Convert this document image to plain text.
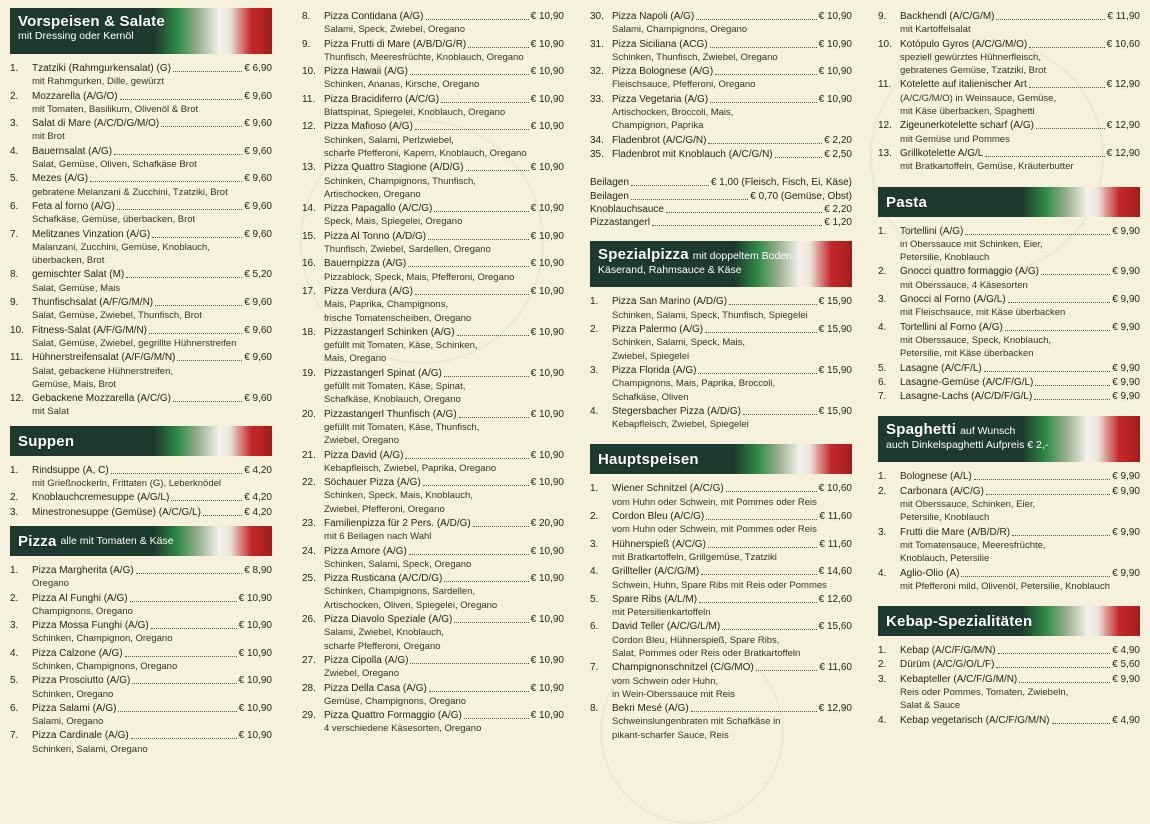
Vorspeisen & Salate
mit Dressing oder Kernöl
1.	Tzatziki (Rahmgurkensalat) (G)	€ 6,90
mit Rahmgurken, Dille, gewürzt
2.	Mozzarella (A/G/O)	€ 9,60
mit Tomaten, Basilikum, Olivenöl & Brot
3.	Salat di Mare (A/C/D/G/M/O)	€ 9,60
mit Brot
4.	Bauernsalat (A/G)	€ 9,60
Salat, Gemüse, Oliven, Schafkäse Brot
5.	Mezes (A/G)	€ 9,60
gebratene Melanzani & Zucchini, Tzatziki, Brot
6.	Feta al forno (A/G)	€ 9,60
Schafkäse, Gemüse, überbacken, Brot
7.	Melitzanes Vinzation (A/G)	€ 9,60
Malanzani, Zucchini, Gemüse, Knoblauch,
überbacken, Brot
8.	gemischter Salat (M)	€ 5,20
Salat, Gemüse, Mais
9.	Thunfischsalat (A/F/G/M/N)	€ 9,60
Salat, Gemüse, Zwiebel, Thunfisch, Brot
10. Fitness-Salat (A/F/G/M/N)	€ 9,60
Salat, Gemüse, Zwiebel, gegrillte Hühnerstreifen
11. Hühnerstreifensalat (A/F/G/M/N)	€ 9,60
Salat, gebackene Hühnerstreifen,
Gemüse, Mais, Brot
12. Gebackene Mozzarella (A/C/G)	€ 9,60
mit Salat
Suppen
1.	Rindsuppe (A, C)	€ 4,20
mit Grießnockerln, Frittaten (G), Leberknödel
2.	Knoblauchcremesuppe (A/G/L)	€ 4,20
3.	Minestronesuppe (Gemüse) (A/C/G/L)	€ 4,20
Pizza alle mit Tomaten & Käse
1.	Pizza Margherita (A/G)	€ 8,90
Oregano
2.	Pizza Al Funghi (A/G)	€ 10,90
Champignons, Oregano
3.	Pizza Mossa Funghi (A/G)	€ 10,90
Schinken, Champignon, Oregano
4.	Pizza Calzone (A/G)	€ 10,90
Schinken, Champignons, Oregano
5.	Pizza Prosciutto (A/G)	€ 10,90
Schinken, Oregano
6.	Pizza Salami (A/G)	€ 10,90
Salami, Oregano
7.	Pizza Cardinale (A/G)	€ 10,90
Schinken, Salami, Oregano
8.	Pizza Contidana (A/G)	€ 10,90
Salami, Speck, Zwiebel, Oregano
9.	Pizza Frutti di Mare (A/B/D/G/R)	€ 10,90
Thunfisch, Meeresfrüchte, Knoblauch, Oregano
10. Pizza Hawaii (A/G)	€ 10,90
Schinken, Ananas, Kirsche, Oregano
11. Pizza Bracidiferro (A/C/G)	€ 10,90
Blattspinat, Spiegelei, Knoblauch, Oregano
12. Pizza Mafioso (A/G)	€ 10,90
Schinken, Salami, Perlzwiebel,
scharfe Pfefferoni, Kapern, Knoblauch, Oregano
13. Pizza Quattro Stagione (A/D/G)	€ 10,90
Schinken, Champignons, Thunfisch,
Artischocken, Oregano
14. Pizza Papagallo (A/C/G)	€ 10,90
Speck, Mais, Spiegelei, Oregano
15. Pizza Al Tonno (A/D/G)	€ 10,90
Thunfisch, Zwiebel, Sardellen, Oregano
16. Bauernpizza (A/G)	€ 10,90
Pizzablock, Speck, Mais, Pfefferoni, Oregano
17. Pizza Verdura (A/G)	€ 10,90
Mais, Paprika, Champignons,
frische Tomatenscheiben, Oregano
18. Pizzastangerl Schinken (A/G)	€ 10,90
gefüllt mit Tomaten, Käse, Schinken,
Mais, Oregano
19. Pizzastangerl Spinat (A/G)	€ 10,90
gefüllt mit Tomaten, Käse, Spinat,
Schafkäse, Knoblauch, Oregano
20. Pizzastangerl Thunfisch (A/G)	€ 10,90
gefüllt mit Tomaten, Käse, Thunfisch,
Zwiebel, Oregano
21. Pizza David (A/G)	€ 10,90
Kebapfleisch, Zwiebel, Paprika, Oregano
22. Söchauer Pizza (A/G)	€ 10,90
Schinken, Speck, Mais, Knoblauch,
Zwiebel, Pfefferoni, Oregano
23. Familienpizza für 2 Pers. (A/D/G)	€ 20,90
mit 6 Beilagen nach Wahl
24. Pizza Amore (A/G)	€ 10,90
Schinken, Salami, Speck, Oregano
25. Pizza Rusticana (A/C/D/G)	€ 10,90
Schinken, Champignons, Sardellen,
Artischocken, Oliven, Spiegelei, Oregano
26. Pizza Diavolo Speziale (A/G)	€ 10,90
Salami, Zwiebel, Knoblauch,
scharfe Pfefferoni, Oregano
27. Pizza Cipolla (A/G)	€ 10,90
Zwiebel, Oregano
28. Pizza Della Casa (A/G)	€ 10,90
Gemüse, Champignons, Oregano
29. Pizza Quattro Formaggio (A/G)	€ 10,90
4 verschiedene Käsesorten, Oregano
30. Pizza Napoli (A/G)	€ 10,90
Salami, Champignons, Oregano
31. Pizza Siciliana (ACG)	€ 10,90
Schinken, Thunfisch, Zwiebel, Oregano
32. Pizza Bolognese (A/G)	€ 10,90
Fleischsauce, Pfefferoni, Oregano
33. Pizza Vegetaria (A/G)	€ 10,90
Artischocken, Broccoli, Mais,
Champignon, Paprika
34. Fladenbrot (A/C/G/N)	€ 2,20
35. Fladenbrot mit Knoblauch (A/C/G/N)	€ 2,50
Beilagen	€ 1,00 (Fleisch, Fisch, Ei, Käse)
Beilagen	€ 0,70 (Gemüse, Obst)
Knoblauchsauce	€ 2,20
Pizzastangerl	€ 1,20
Spezialpizza mit doppeltem Boden,
Käserand, Rahmsauce & Käse
1.	Pizza San Marino (A/D/G)	€ 15,90
Schinken, Salami, Speck, Thunfisch, Spiegelei
2.	Pizza Palermo (A/G)	€ 15,90
Schinken, Salami, Speck, Mais,
Zwiebel, Spiegelei
3.	Pizza Florida (A/G)	€ 15,90
Champignons, Mais, Paprika, Broccoli,
Schafkäse, Oliven
4.	Stegersbacher Pizza (A/D/G)	€ 15,90
Kebapfleisch, Zwiebel, Spiegelei
Hauptspeisen
1.	Wiener Schnitzel (A/C/G)	€ 10,60
vom Huhn oder Schwein, mit Pommes oder Reis
2.	Cordon Bleu (A/C/G)	€ 11,60
vom Huhn oder Schwein, mit Pommes oder Reis
3.	Hühnerspieß (A/C/G)	€ 11,60
mit Bratkartoffeln, Grillgemüse, Tzatziki
4.	Grillteller (A/C/G/M)	€ 14,60
Schwein, Huhn, Spare Ribs mit Reis oder Pommes
5.	Spare Ribs (A/L/M)	€ 12,60
mit Petersilienkartoffeln
6.	David Teller (A/C/G/L/M)	€ 15,60
Cordon Bleu, Hühnerspieß, Spare Ribs,
Salat, Pommes oder Reis oder Bratkartoffeln
7.	Champignonschnitzel (C/G/MO)	€ 11,60
vom Schwein oder Huhn,
in Wein-Oberssauce mit Reis
8.	Bekri Mesé (A/G)	€ 12,90
Schweinslungenbraten mit Schafkäse in
pikant-scharfer Sauce, Reis
9.	Backhendl (A/C/G/M)	€ 11,90
mit Kartoffelsalat
10. Kotópulo Gyros (A/C/G/M/O)	€ 10,60
speziell gewürztes Hühnerfleisch,
gebratenes Gemüse, Tzatziki, Brot
11. Kotelette auf italienischer Art	€ 12,90
(A/C/G/M/O) in Weinsauce, Gemüse,
mit Käse überbacken, Spaghetti
12. Zigeunerkotelette scharf (A/G)	€ 12,90
mit Gemüse und Pommes
13. Grillkotelette A/G/L	€ 12,90
mit Bratkartoffeln, Gemüse, Kräuterbutter
Pasta
1.	Tortellini (A/G)	€ 9,90
in Oberssauce mit Schinken, Eier,
Petersilie, Knoblauch
2.	Gnocci quattro formaggio (A/G)	€ 9,90
mit Oberssauce, 4 Käsesorten
3.	Gnocci al Forno (A/G/L)	€ 9,90
mit Fleischsauce, mit Käse überbacken
4.	Tortellini al Forno (A/G)	€ 9,90
mit Oberssauce, Speck, Knoblauch,
Petersilie, mit Käse überbacken
5.	Lasagne (A/C/F/L)	€ 9,90
6.	Lasagne-Gemüse (A/C/F/G/L)	€ 9,90
7.	Lasagne-Lachs (A/C/D/F/G/L)	€ 9,90
Spaghetti auf Wunsch
auch Dinkelspaghetti Aufpreis € 2,-
1.	Bolognese (A/L)	€ 9,90
2.	Carbonara (A/C/G)	€ 9,90
mit Oberssauce, Schinken, Eier,
Petersilie, Knoblauch
3.	Frutti die Mare (A/B/D/R)	€ 9,90
mit Tomatensauce, Meeresfrüchte,
Knoblauch, Petersilie
4.	Aglio-Olio (A)	€ 9,90
mit Pfefferoni mild, Olivenöl, Petersilie, Knoblauch
Kebap-Spezialitäten
1.	Kebap (A/C/F/G/M/N)	€ 4,90
2.	Dürüm (A/C/G/O/L/F)	€ 5,60
3.	Kebapteller (A/C/F/G/M/N)	€ 9,90
Reis oder Pommes, Tomaten, Zwiebeln,
Salat & Sauce
4.	Kebap vegetarisch (A/C/F/G/M/N)	€ 4,90
